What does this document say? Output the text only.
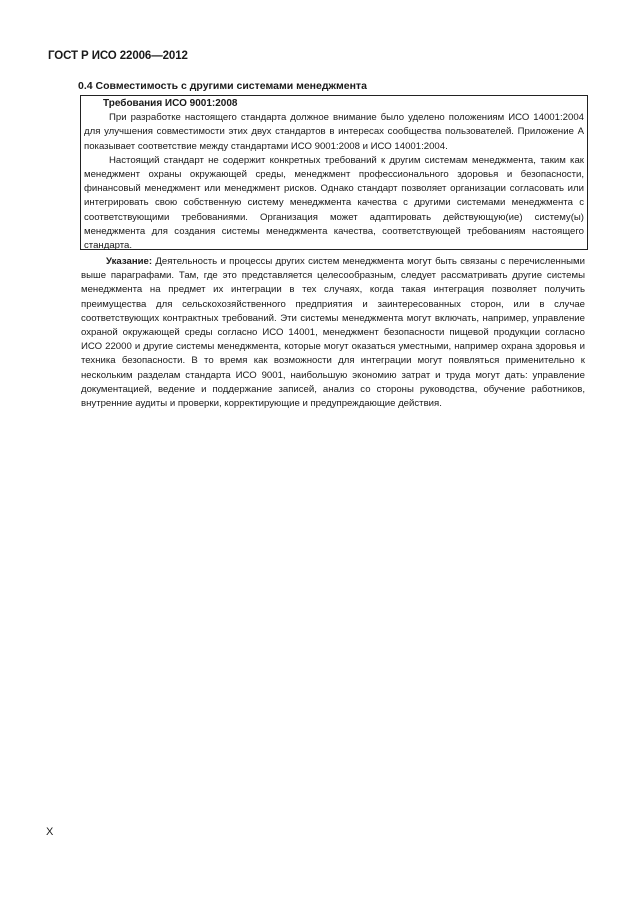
ГОСТ Р ИСО 22006—2012
0.4 Совместимость с другими системами менеджмента

Требования ИСО 9001:2008

При разработке настоящего стандарта должное внимание было уделено положениям ИСО 14001:2004 для улучшения совместимости этих двух стандартов в интересах сообщества пользователей. Приложение А показывает соответствие между стандартами ИСО 9001:2008 и ИСО 14001:2004.

Настоящий стандарт не содержит конкретных требований к другим системам менеджмента, таким как менеджмент охраны окружающей среды, менеджмент профессионального здоровья и безопасности, финансовый менеджмент или менеджмент рисков. Однако стандарт позволяет организации согласовать или интегрировать свою собственную систему менеджмента качества с другими системами менеджмента с соответствующими требованиями. Организация может адаптировать действующую(ие) систему(ы) менеджмента для создания системы менеджмента качества, соответствующей требованиям настоящего стандарта.

Указание: Деятельность и процессы других систем менеджмента могут быть связаны с перечисленными выше параграфами. Там, где это представляется целесообразным, следует рассматривать другие системы менеджмента на предмет их интеграции в тех случаях, когда такая интеграция позволяет получить преимущества для сельскохозяйственного предприятия и заинтересованных сторон, или в случае соответствующих контрактных требований. Эти системы менеджмента могут включать, например, управление охраной окружающей среды согласно ИСО 14001, менеджмент безопасности пищевой продукции согласно ИСО 22000 и другие системы менеджмента, которые могут оказаться уместными, например охрана здоровья и техника безопасности. В то время как возможности для интеграции могут появляться применительно к нескольким разделам стандарта ИСО 9001, наибольшую экономию затрат и труда могут дать: управление документацией, ведение и поддержание записей, анализ со стороны руководства, обучение работников, внутренние аудиты и проверки, корректирующие и предупреждающие действия.
X
